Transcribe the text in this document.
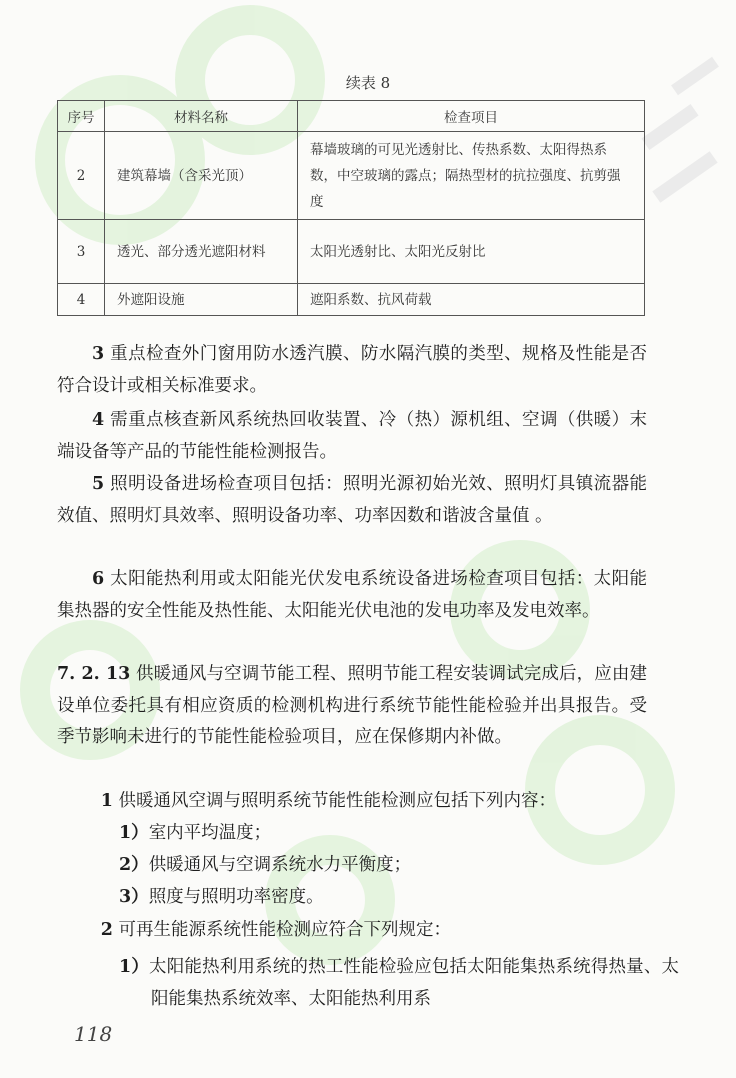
续表 8
序号	材料名称	检查项目
2	建筑幕墙（含采光顶）	幕墙玻璃的可见光透射比、传热系数、太阳得热系数，中空玻璃的露点；隔热型材的抗拉强度、抗剪强度
3	透光、部分透光遮阳材料	太阳光透射比、太阳光反射比
4	外遮阳设施	遮阳系数、抗风荷载
3 重点检查外门窗用防水透汽膜、防水隔汽膜的类型、规格及性能是否符合设计或相关标准要求。
4 需重点核查新风系统热回收装置、冷（热）源机组、空调（供暖）末端设备等产品的节能性能检测报告。
5 照明设备进场检查项目包括：照明光源初始光效、照明灯具镇流器能效值、照明灯具效率、照明设备功率、功率因数和谐波含量值 。
6 太阳能热利用或太阳能光伏发电系统设备进场检查项目包括：太阳能集热器的安全性能及热性能、太阳能光伏电池的发电功率及发电效率。
7. 2. 13 供暖通风与空调节能工程、照明节能工程安装调试完成后，应由建设单位委托具有相应资质的检测机构进行系统节能性能检验并出具报告。受季节影响未进行的节能性能检验项目，应在保修期内补做。
1 供暖通风空调与照明系统节能性能检测应包括下列内容：
1）室内平均温度；
2）供暖通风与空调系统水力平衡度；
3）照度与照明功率密度。
2 可再生能源系统性能检测应符合下列规定：
1）太阳能热利用系统的热工性能检验应包括太阳能集热系统得热量、太阳能集热系统效率、太阳能热利用系
118
